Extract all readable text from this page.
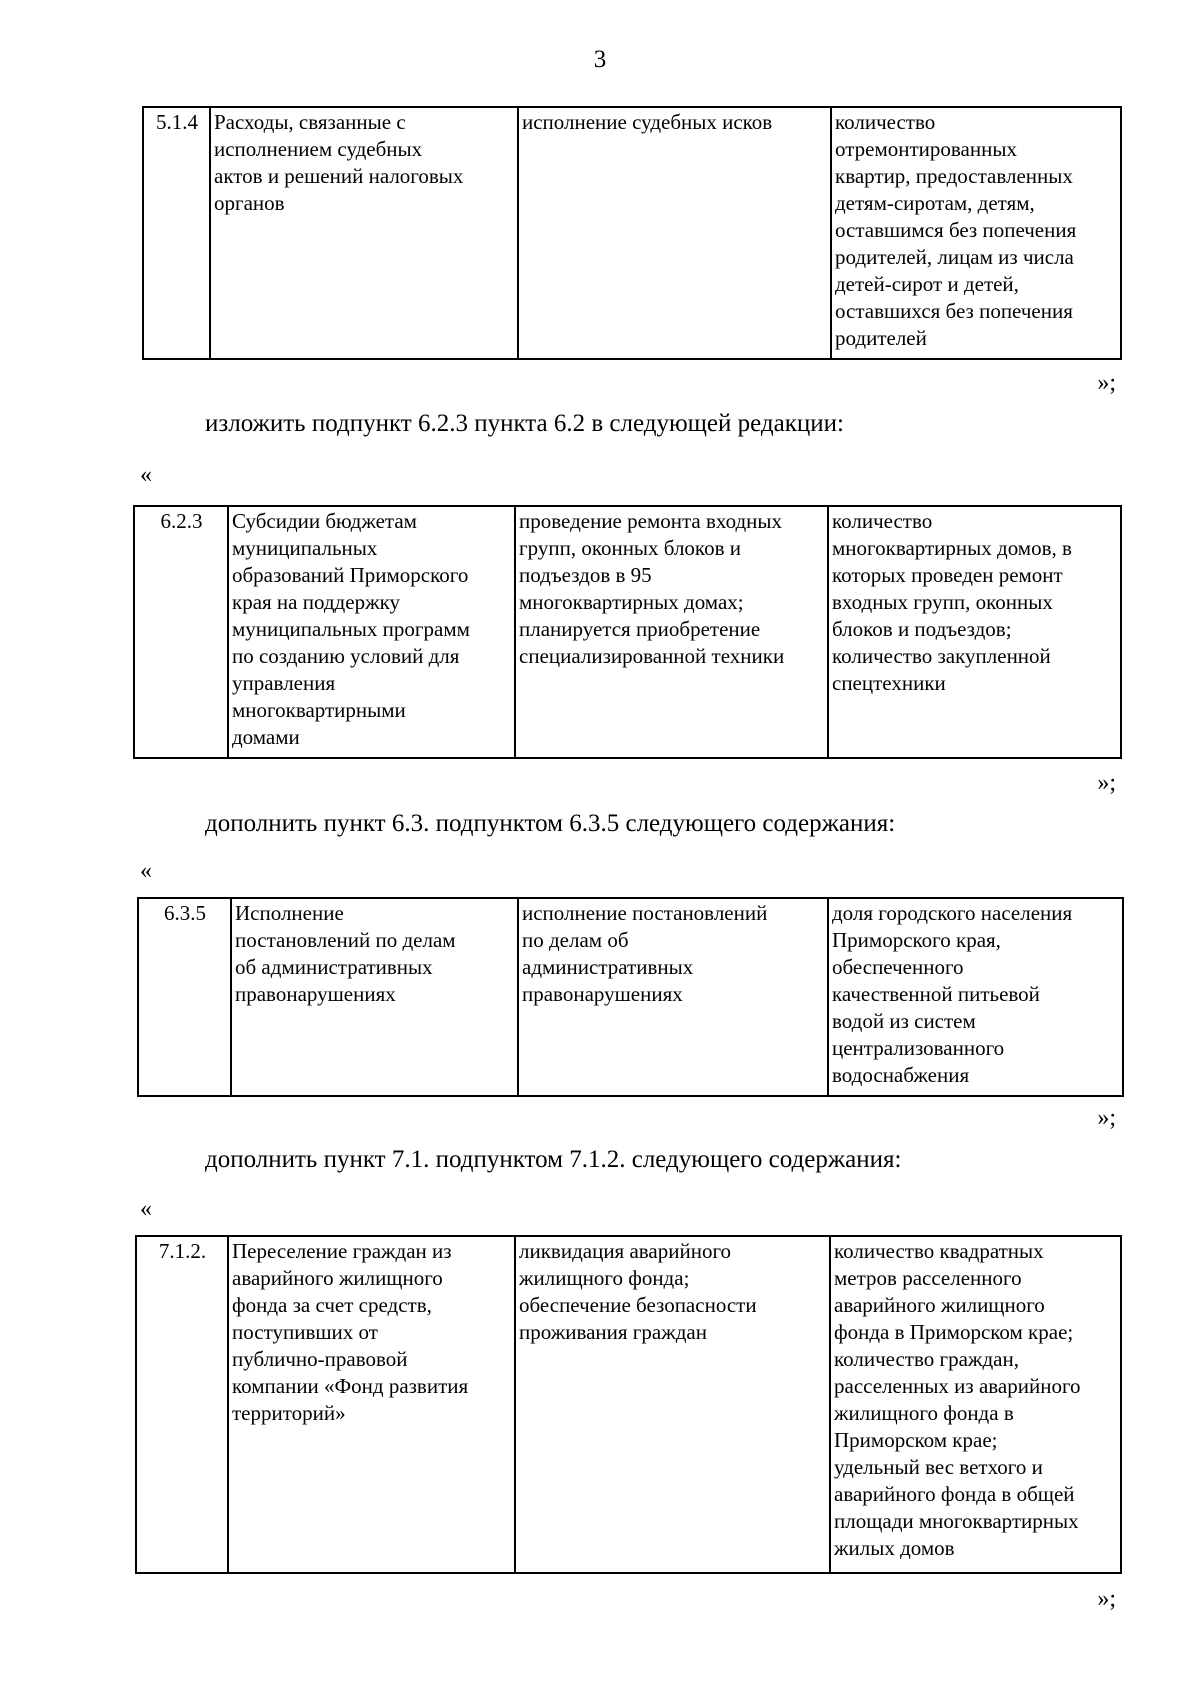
3
5.1.4	Расходы, связанные с
исполнением судебных
актов и решений налоговых
органов	исполнение судебных исков	количество
отремонтированных
квартир, предоставленных
детям-сиротам, детям,
оставшимся без попечения
родителей, лицам из числа
детей-сирот и детей,
оставшихся без попечения
родителей
»;
изложить подпункт 6.2.3 пункта 6.2 в следующей редакции:
«
6.2.3	Субсидии бюджетам
муниципальных
образований Приморского
края на поддержку
муниципальных программ
по созданию условий для
управления
многоквартирными
домами	проведение ремонта входных
групп, оконных блоков и
подъездов в 95
многоквартирных домах;
планируется приобретение
специализированной техники	количество
многоквартирных домов, в
которых проведен ремонт
входных групп, оконных
блоков и подъездов;
количество закупленной
спецтехники
»;
дополнить пункт 6.3. подпунктом 6.3.5 следующего содержания:
«
6.3.5	Исполнение
постановлений по делам
об административных
правонарушениях	исполнение постановлений
по делам об
административных
правонарушениях	доля городского населения
Приморского края,
обеспеченного
качественной питьевой
водой из систем
централизованного
водоснабжения
»;
дополнить пункт 7.1. подпунктом 7.1.2. следующего содержания:
«
7.1.2.	Переселение граждан из
аварийного жилищного
фонда за счет средств,
поступивших от
публично-правовой
компании «Фонд развития
территорий»	ликвидация аварийного
жилищного фонда;
обеспечение безопасности
проживания граждан	количество квадратных
метров расселенного
аварийного жилищного
фонда в Приморском крае;
количество граждан,
расселенных из аварийного
жилищного фонда в
Приморском крае;
удельный вес ветхого и
аварийного фонда в общей
площади многоквартирных
жилых домов
»;
